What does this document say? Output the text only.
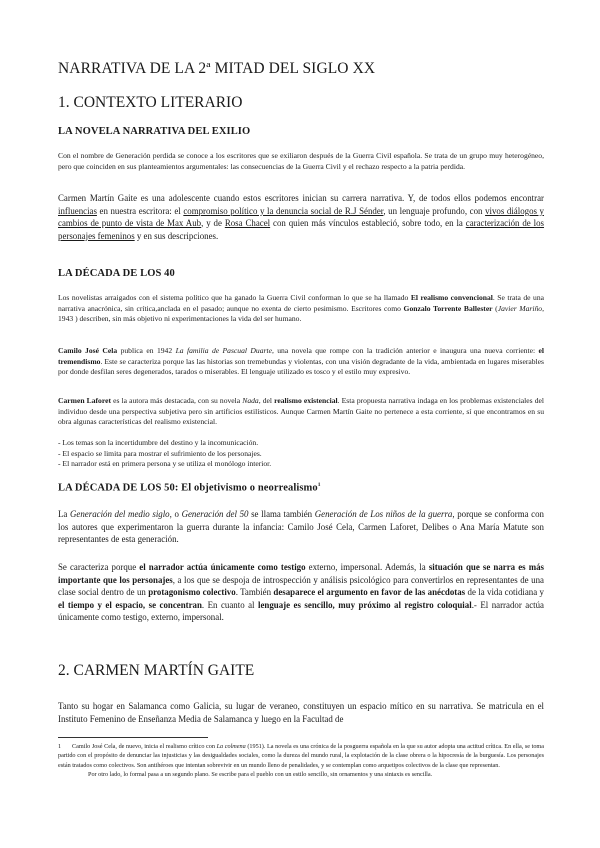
NARRATIVA DE LA 2ª MITAD DEL SIGLO XX
1. CONTEXTO LITERARIO
LA NOVELA NARRATIVA DEL EXILIO

Con el nombre de Generación perdida se conoce a los escritores que se exiliaron después de la Guerra Civil española. Se trata de un grupo muy heterogéneo, pero que coinciden en sus planteamientos argumentales: las consecuencias de la Guerra Civil y el rechazo respecto a la patria perdida.

Carmen Martín Gaite es una adolescente cuando estos escritores inician su carrera narrativa. Y, de todos ellos podemos encontrar influencias en nuestra escritora: el compromiso político y la denuncia social de R.J Sénder, un lenguaje profundo, con vivos diálogos y cambios de punto de vista de Max Aub, y de Rosa Chacel con quien más vínculos estableció, sobre todo, en la caracterización de los personajes femeninos y en sus descripciones.

LA DÉCADA DE LOS 40

Los novelistas arraigados con el sistema político que ha ganado la Guerra Civil conforman lo que se ha llamado El realismo convencional. Se trata de una narrativa anacrónica, sin crítica,anclada en el pasado; aunque no exenta de cierto pesimismo. Escritores como Gonzalo Torrente Ballester (Javier Mariño, 1943 ) describen, sin más objetivo ni experimentaciones la vida del ser humano.

Camilo José Cela publica en 1942 La familia de Pascual Duarte, una novela que rompe con la tradición anterior e inaugura una nueva corriente: el tremendismo. Este se caracteriza porque las las historias son tremebundas y violentas, con una visión degradante de la vida, ambientada en lugares miserables por donde desfilan seres degenerados, tarados o miserables. El lenguaje utilizado es tosco y el estilo muy expresivo.

Carmen Laforet es la autora más destacada, con su novela Nada, del realismo existencial. Esta propuesta narrativa indaga en los problemas existenciales del individuo desde una perspectiva subjetiva pero sin artificios estilísticos. Aunque Carmen Martín Gaite no pertenece a esta corriente, sí que encontramos en su obra algunas características del realismo existencial.

- Los temas son la incertidumbre del destino y la incomunicación.
- El espacio se limita para mostrar el sufrimiento de los personajes.
- El narrador está en primera persona y se utiliza el monólogo interior.
LA DÉCADA DE LOS 50: El objetivismo o neorrealismo$^1$

La Generación del medio siglo, o Generación del 50 se llama también Generación de Los niños de la guerra, porque se conforma con los autores que experimentaron la guerra durante la infancia: Camilo José Cela, Carmen Laforet, Delibes o Ana María Matute son representantes de esta generación.

Se caracteriza porque el narrador actúa únicamente como testigo externo, impersonal. Además, la situación que se narra es más importante que los personajes, a los que se despoja de introspección y análisis psicológico para convertirlos en representantes de una clase social dentro de un protagonismo colectivo. También desaparece el argumento en favor de las anécdotas de la vida cotidiana y el tiempo y el espacio, se concentran. En cuanto al lenguaje es sencillo, muy próximo al registro coloquial.- El narrador actúa únicamente como testigo, externo, impersonal.

2. CARMEN MARTÍN GAITE

Tanto su hogar en Salamanca como Galicia, su lugar de veraneo, constituyen un espacio mítico en su narrativa. Se matricula en el Instituto Femenino de Enseñanza Media de Salamanca y luego en la Facultad de

1 Camilo José Cela, de nuevo, inicia el realismo crítico con La colmena (1951). La novela es una crónica de la posguerra española en la que su autor adopta una actitud crítica. En ella, se toma partido con el propósito de denunciar las injusticias y las desigualdades sociales, como la dureza del mundo rural, la explotación de la clase obrera o la hipocresía de la burguesía. Los personajes están tratados como colectivos. Son antihéroes que intentan sobrevivir en un mundo lleno de penalidades, y se contemplan como arquetipos colectivos de la clase que representan.
Por otro lado, lo formal pasa a un segundo plano. Se escribe para el pueblo con un estilo sencillo, sin ornamentos y una sintaxis es sencilla.
